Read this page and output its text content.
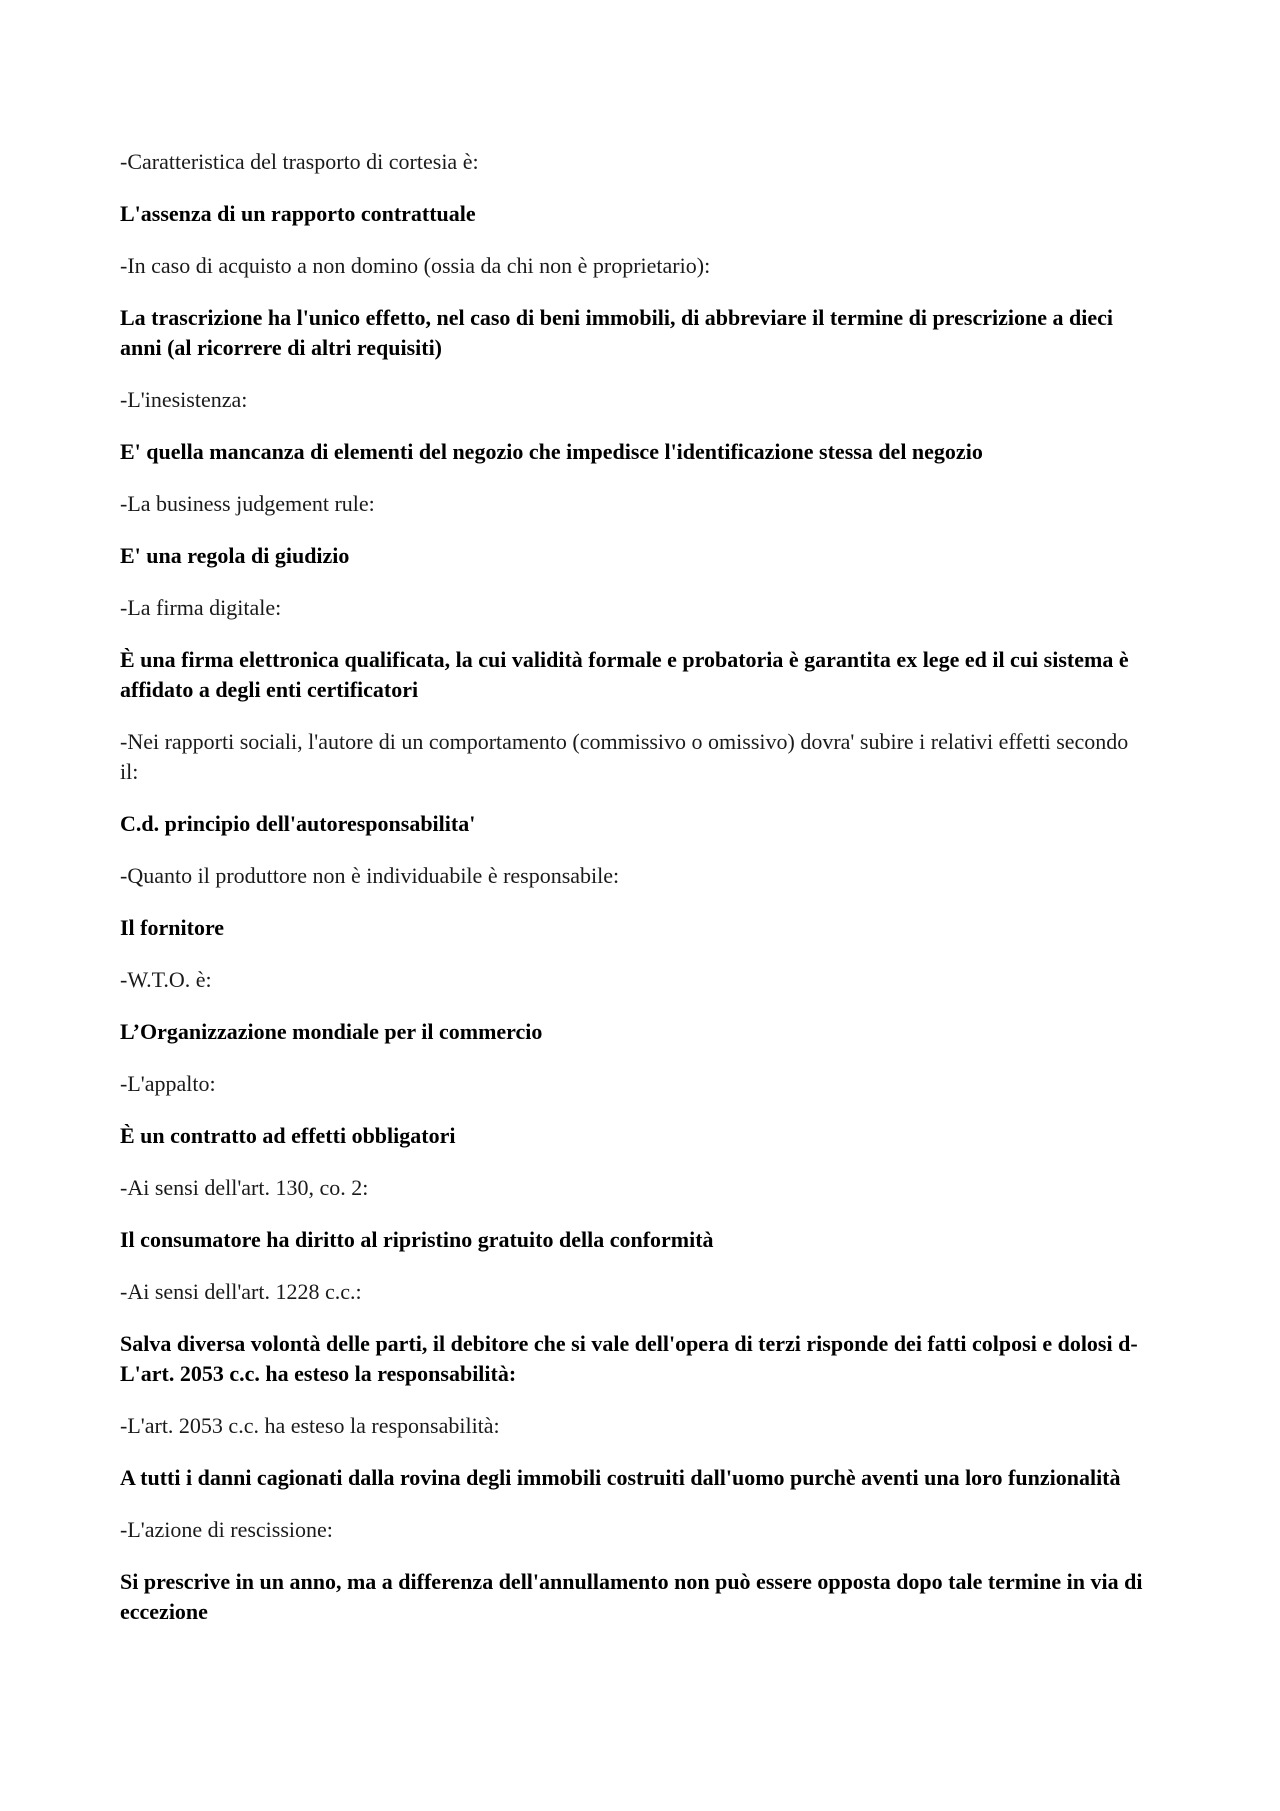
-Caratteristica del trasporto di cortesia è:

L'assenza di un rapporto contrattuale

-In caso di acquisto a non domino (ossia da chi non è proprietario):

La trascrizione ha l'unico effetto, nel caso di beni immobili, di abbreviare il termine di prescrizione a dieci anni (al ricorrere di altri requisiti)

-L'inesistenza:

E' quella mancanza di elementi del negozio che impedisce l'identificazione stessa del negozio

-La business judgement rule:

E' una regola di giudizio

-La firma digitale:

È una firma elettronica qualificata, la cui validità formale e probatoria è garantita ex lege ed il cui sistema è affidato a degli enti certificatori

-Nei rapporti sociali, l'autore di un comportamento (commissivo o omissivo) dovra' subire i relativi effetti secondo il:

C.d. principio dell'autoresponsabilita'

-Quanto il produttore non è individuabile è responsabile:

Il fornitore

-W.T.O. è:

L’Organizzazione mondiale per il commercio

-L'appalto:

È un contratto ad effetti obbligatori

-Ai sensi dell'art. 130, co. 2:

Il consumatore ha diritto al ripristino gratuito della conformità

-Ai sensi dell'art. 1228 c.c.:

Salva diversa volontà delle parti, il debitore che si vale dell'opera di terzi risponde dei fatti colposi e dolosi d-L'art. 2053 c.c. ha esteso la responsabilità:

-L'art. 2053 c.c. ha esteso la responsabilità:

A tutti i danni cagionati dalla rovina degli immobili costruiti dall'uomo purchè aventi una loro funzionalità

-L'azione di rescissione:

Si prescrive in un anno, ma a differenza dell'annullamento non può essere opposta dopo tale termine in via di eccezione
